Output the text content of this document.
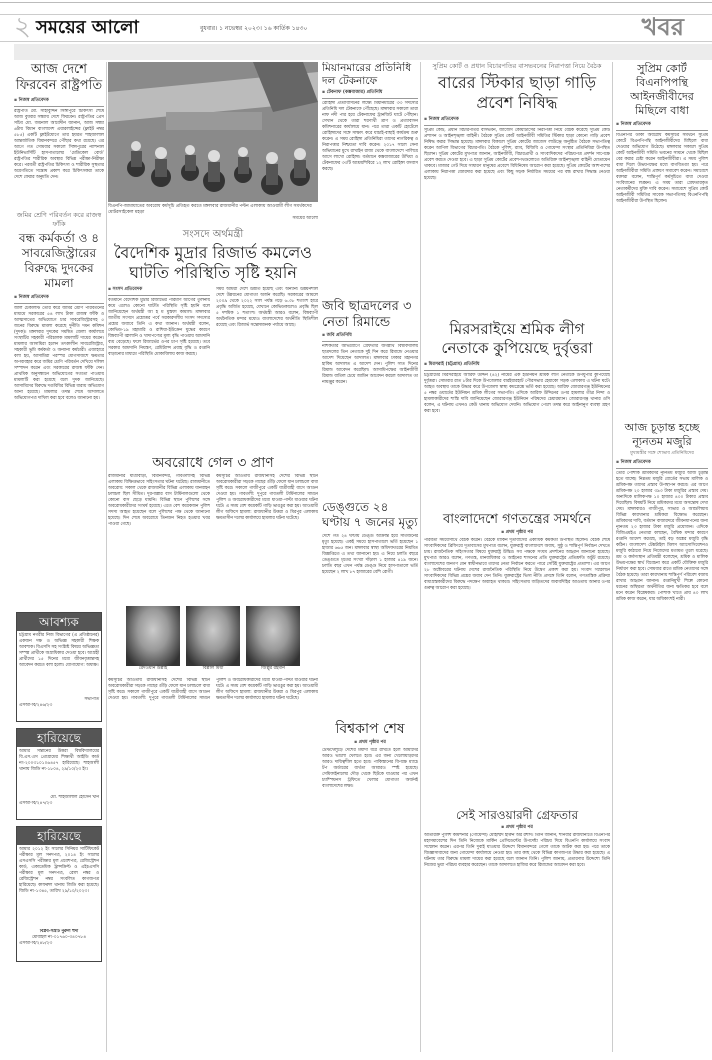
২ সময়ের আলো	বুধবার। ১ নভেম্বর ২০২৩। ১৬ কার্তিক ১৪৩০	খবর
আজ দেশে ফিরবেন রাষ্ট্রপতি
▪ নিজস্ব প্রতিবেদক
রাষ্ট্রপতি মো. সাহাবুদ্দিন সিঙ্গাপুরে চিকিৎসা শেষে আজ বুধবার সন্ধ্যায় দেশে ফিরবেন। রাষ্ট্রপতির প্রেস সচিব মো. জয়নাল আবেদীন জানান, আজ সন্ধ্যা ৬টায় বিমান বাংলাদেশ এয়ারলাইন্সের (ফ্লাইট নম্বর ৫৮৫) একটি ফ্লাইটযোগে তার হযরত শাহজালাল আন্তর্জাতিক বিমানবন্দরে পৌঁছার কথা রয়েছে। এর আগে গত সোমবার সকালে সিঙ্গাপুরের ন্যাশনাল ইউনিভার্সিটি হাসপাতালের ‘মেডিকেল বোর্ড’ রাষ্ট্রপতির শারীরিক অবস্থার বিভিন্ন পরীক্ষা-নিরীক্ষা করে। পরবর্তী রাষ্ট্রপতির চিকিৎসা ও শারীরিক সুস্থতার অগ্রগতিতে সন্তোষ প্রকাশ করে চিকিৎসকরা তাকে দেশে ফেরার অনুমতি দেন।
জমির শ্রেণি পরিবর্তন করে রাজস্ব ফাঁকি
বন্ধ কর্মকর্তা ও ৪ সাবরেজিস্ট্রারের বিরুদ্ধে দুদকের মামলা
▪ নিজস্ব প্রতিবেদক
জাল চেকলিস্ট তৈরি করে জমির শ্রেণি পরিবর্তনের মাধ্যমে সরকারের ৫৪ লাখ টাকা রাজস্ব ফাঁকি ও আত্মসাতের অভিযোগে চার সাবরেজিস্ট্রারসহ ৫ জনের বিরুদ্ধে মামলা করেছে দুর্নীতি দমন কমিশন (দুদক)। মঙ্গলবার দুদকের সমন্বিত জেলা কার্যালয়ে সংস্থাটির সহকারী পরিচালক মামলাটি দায়ের করেন। মামলার আসামিরা হলেন তৎকালীন সাবরেজিস্ট্রার, সহকারী ভূমি কর্মকর্তা ও অন্যান্য কর্মচারী। এজাহারে বলা হয়, আসামিরা পরস্পর যোগসাজশে ক্ষমতার অপব্যবহার করে জমির শ্রেণি পরিবর্তন দেখিয়ে দলিল সম্পাদন করেন এবং সরকারের রাজস্ব ফাঁকি দেন। প্রাথমিক অনুসন্ধানে অভিযোগের সত্যতা পাওয়ায় মামলাটি করা হয়েছে বলে দুদক জানিয়েছে। আসামিদের বিরুদ্ধে দণ্ডবিধির বিভিন্ন ধারায় অভিযোগ আনা হয়েছে। মামলার তদন্ত শেষে আদালতে অভিযোগপত্র দাখিল করা হবে বলেও জানানো হয়।
আবশ্যক
চট্টগ্রাম নগরীর নিজ বিভাগের (এ প্রতিষ্ঠানের) একজন দক্ষ ও অভিজ্ঞ সহকারী শিক্ষক আবশ্যক। বিএসসি সহ সংশ্লিষ্ট বিষয়ে অভিজ্ঞতা সম্পন্ন প্রার্থীকে অগ্রাধিকার দেওয়া হবে। আগ্রহী প্রার্থীদের ১৫ দিনের মধ্যে জীবনবৃত্তান্তসহ আবেদন করতে বলা হলো। যোগাযোগ: অধ্যক্ষ।
সভাপতি
এসআ-বি/২৪৬/২৩
হারিয়েছে
আমার সন্তানের উত্তরা বিশ্ববিদ্যালয়ের বি.এস.এস প্রোগ্রামের শিক্ষার্থী আইডি কার্ড নং-২০০৩১০১০৬৪৫৭ হারিয়েছে। শাহআলী থানায় জিডি নং-১৮০৪, ২৯/১০/২৩ ইং।
মো. শাহজালাল হোসেন খান
এসআ-বি/২৪৭/২৩
হারিয়েছে
আমার ২০১২ ইং সালের সিনিয়র সার্টিফিকেট পরীক্ষার মূল সনদপত্র, ২০১৪ ইং সালের এসএসসি পরীক্ষার মূল প্রবেশপত্র, রেজিস্ট্রেশন কার্ড, একাডেমিক ট্রান্সক্রিপ্ট ও এইচএসসি পরীক্ষার মূল সনদপত্র, রোল নম্বর ও রেজিস্ট্রেশন নম্বর সংবলিত কাগজপত্র হারিয়েছে। কাফরুল থানায় জিডি করা হয়েছে। জিডি নং-১৩৪৫, তারিখ ২৯/১০/২০২৩।
বিপ্লব-সম্রাট নুরুল হুদা
মোবাইল নং-০১৭৬০-৩৪০৭৮৪
এসআ-বি/২৪৮/২৩
বিএনপি-জামায়াতের অবরোধ কর্মসূচি প্রতিহত করতে মঙ্গলবার রাজধানীর পল্টন এলাকায় আওয়ামী লীগ সমর্থকদের মোটরসাইকেল মহড়া
সময়ের আলো
সংসদে অর্থমন্ত্রী
বৈদেশিক মুদ্রার রিজার্ভ কমলেও ঘাটতি পরিস্থিতি সৃষ্টি হয়নি
▪ সংসদ প্রতিবেদক
বর্তমানে বৈদেশিক মুদ্রার রিজার্ভের পরিমাণ আগের তুলনায় কমে এলেও কোনো ঘাটতি পরিস্থিতি সৃষ্টি হয়নি বলে জানিয়েছেন অর্থমন্ত্রী আ হ ম মুস্তফা কামাল। মঙ্গলবার জাতীয় সংসদে প্রশ্নোত্তর পর্বে সরকারদলীয় সংসদ সদস্যের প্রশ্নের জবাবে তিনি এ কথা জানান। অর্থমন্ত্রী বলেন, কোভিড-১৯ মহামারি ও রাশিয়া-ইউক্রেন যুদ্ধের কারণে বিশ্বব্যাপী জ্বালানি ও খাদ্যপণ্যের মূল্য বৃদ্ধি পাওয়ায় আমদানি ব্যয় বেড়েছে। ফলে রিজার্ভের ওপর চাপ সৃষ্টি হয়েছে। তবে সরকার আমদানি নিয়ন্ত্রণ, রেমিট্যান্স প্রবাহ বৃদ্ধি ও রপ্তানি বাড়ানোর মাধ্যমে পরিস্থিতি মোকাবিলায় কাজ করছে।
সময় আমরা দেশে উন্নীত হয়েছি এবং অন্যান্য উন্নয়নশীল দেশে উন্নয়নের যোগ্যতা অর্জন করেছি। সরকারের আমলে ২০০৯ থেকে ২০২২ সাল পর্যন্ত গড়ে ৬.৩৮ শতাংশ হারে প্রবৃদ্ধি অর্জিত হয়েছে, যেখানে কোভিডকালেও প্রবৃদ্ধি ছিল ৫ দশমিক ১ শতাংশ। অর্থমন্ত্রী আরও বলেন, বিশ্বব্যাপী অর্থনৈতিক মন্দার মধ্যেও বাংলাদেশের অর্থনীতি স্থিতিশীল রয়েছে এবং রিজার্ভ সন্তোষজনক পর্যায়ে আছে।
অবরোধে গেল ৩ প্রাণ
রাজধানীর যাত্রাবাড়ী, বিমানবন্দর, গাবতলীসহ বিভিন্ন এলাকায় বিক্ষিপ্তভাবে সহিংসতার ঘটনা ঘটেছে। রাজধানীতে অবরোধ: সকাল থেকে রাজধানীর বিভিন্ন এলাকায় যানবাহন চলাচল ছিল সীমিত। দূরপাল্লার বাস টার্মিনালগুলো থেকে কোনো বাস ছেড়ে যায়নি। বিভিন্ন স্থানে পুলিশের সঙ্গে অবরোধকারীদের সংঘর্ষ হয়েছে। এতে বেশ কয়েকজন পুলিশ সদস্য আহত হয়েছেন বলে পুলিশের পক্ষ থেকে জানানো হয়েছে। দিন শেষে অবরোধে তিনজন নিহত হওয়ার খবর পাওয়া গেছে।
কর্মসূচির আওতায় রাজধানীসহ দেশের বিভিন্ন স্থানে অবরোধকারীরা সড়কে গাছের গুঁড়ি ফেলে যান চলাচলে বাধা সৃষ্টি করে। সকালে গাজীপুরে একটি যাত্রীবাহী বাসে আগুন দেওয়া হয়। গাবতলী: দুপুরে গাবতলী টার্মিনালের সামনে পুলিশ ও অবরোধকারীদের মধ্যে ধাওয়া-পাল্টা ধাওয়ার ঘটনা ঘটে। এ সময় বেশ কয়েকটি গাড়ি ভাঙচুর করা হয়। আওয়ামী লীগ অফিসে হামলা: রাজধানীর উত্তরা ও মিরপুর এলাকায় ক্ষমতাসীন দলের কার্যালয়ে হামলার ঘটনা ঘটেছে।
রেদওয়ান উল্লাহ	বিল্লাল মিয়া	জিল্লুর রহমান
কর্মসূচির আওতায় রাজধানীসহ দেশের বিভিন্ন স্থানে অবরোধকারীরা সড়কে গাছের গুঁড়ি ফেলে যান চলাচলে বাধা সৃষ্টি করে। সকালে গাজীপুরে একটি যাত্রীবাহী বাসে আগুন দেওয়া হয়। গাবতলী: দুপুরে গাবতলী টার্মিনালের সামনে পুলিশ ও অবরোধকারীদের মধ্যে ধাওয়া-পাল্টা ধাওয়ার ঘটনা ঘটে। এ সময় বেশ কয়েকটি গাড়ি ভাঙচুর করা হয়। আওয়ামী লীগ অফিসে হামলা: রাজধানীর উত্তরা ও মিরপুর এলাকায় ক্ষমতাসীন দলের কার্যালয়ে হামলার ঘটনা ঘটেছে।
মিয়ানমারের প্রতিনিধি দল টেকনাফে
▪ টেকনাফ (কক্সবাজার) প্রতিনিধি
রোহিঙ্গা প্রত্যাবাসনের লক্ষ্যে মিয়ানমারের ৩৩ সদস্যের প্রতিনিধি দল টেকনাফে পৌঁছেছে। মঙ্গলবার সকালে তারা নাফ নদী পার হয়ে টেকনাফের ট্রানজিট ঘাটে পৌঁছান। সেখান থেকে তারা শরণার্থী ত্রাণ ও প্রত্যাবাসন কমিশনারের কার্যালয়ে যান। পরে তারা একটি হোটেলে রোহিঙ্গাদের সঙ্গে সাক্ষাৎ করে যাচাই-বাছাই কার্যক্রম শুরু করেন। এ সময় রোহিঙ্গা প্রতিনিধিরা তাদের নাগরিকত্ব ও নিরাপত্তার নিশ্চয়তা দাবি করেন। ২০১৭ সালে সেনা অভিযানের মুখে রাখাইন রাজ্য থেকে বাংলাদেশে পালিয়ে আসে লাখো রোহিঙ্গা। বর্তমানে কক্সবাজারের উখিয়া ও টেকনাফের ৩৩টি আশ্রয়শিবিরে ১২ লাখ রোহিঙ্গা বসবাস করছে।
জবি ছাত্রদলের ৩ নেতা রিমান্ডে
▪ জবি প্রতিনিধি
নাশকতার অভিযোগে গ্রেফতার জগন্নাথ বিশ্ববিদ্যালয় ছাত্রদলের তিন নেতাকে দুই দিন করে রিমান্ডে নেওয়ার আদেশ দিয়েছেন আদালত। মঙ্গলবার ঢাকার মহানগর হাকিম আদালত এ আদেশ দেন। পুলিশ সাত দিনের রিমান্ড আবেদন করেছিল। আসামিপক্ষের আইনজীবী রিমান্ড বাতিল চেয়ে জামিন আবেদন করলে আদালত তা নামঞ্জুর করেন।
ডেঙ্গুতে ২৪ ঘণ্টায় ৭ জনের মৃত্যু
দেশে গত ২৪ ঘণ্টায় ডেঙ্গু আক্রান্ত হয়ে সাতজনের মৃত্যু হয়েছে। একই সময়ে হাসপাতালে ভর্তি হয়েছেন ১ হাজার ৬৬৫ জন। মঙ্গলবার স্বাস্থ্য অধিদফতরের নিয়মিত বিজ্ঞপ্তিতে এ তথ্য জানানো হয়। এ নিয়ে চলতি বছরে ডেঙ্গুতে মৃতের সংখ্যা দাঁড়াল ১ হাজার ৪১৯ জনে। চলতি বছর এখন পর্যন্ত ডেঙ্গু নিয়ে হাসপাতালে ভর্তি হয়েছেন ২ লাখ ৮৭ হাজারের বেশি রোগী।
বিশ্বকাপ শেষ
▪ প্রথম পৃষ্ঠার পর
টেস্টখেলুড়ে দেশের মর্যাদা ধরে রাখতে হলে আমাদের আরও ভালো খেলতে হবে। এর জন্য খেলোয়াড়দের আরও দায়িত্বশীল হতে হবে। পাকিস্তানের বিপক্ষে ম্যাচে টপ অর্ডারের ব্যর্থতা আবারও স্পষ্ট হয়েছে। সেমিফাইনালের দৌড় থেকে ছিটকে যাওয়ার পর এখন চ্যাম্পিয়নস ট্রফিতে খেলার যোগ্যতা অর্জনই বাংলাদেশের লক্ষ্য।
সুপ্রিম কোর্ট ও প্রধান বিচারপতির বাসভবনের নিরাপত্তা নিয়ে বৈঠক
বারের স্টিকার ছাড়া গাড়ি প্রবেশ নিষিদ্ধ
▪ নিজস্ব প্রতিবেদক
সুপ্রিম কোর্ট, প্রধান বিচারপতির বাসভবন, জাজেস কোয়ার্টার্সের নিরাপত্তা নিয়ে বৈঠক করেছে সুপ্রিম কোর্ট প্রশাসন ও আইনশৃঙ্খলা বাহিনী। বৈঠকে সুপ্রিম কোর্ট আইনজীবী সমিতির স্টিকার ছাড়া কোনো গাড়ি প্রবেশ নিষিদ্ধ করার সিদ্ধান্ত হয়েছে। মঙ্গলবার বিকালে সুপ্রিম কোর্টের জাজেস লাউঞ্জে অনুষ্ঠিত বৈঠকে সভাপতিত্ব করেন আপিল বিভাগের বিচারপতি। বৈঠকে পুলিশ, র‍্যাব, বিজিবি ও গোয়েন্দা সংস্থার প্রতিনিধিরা উপস্থিত ছিলেন। সুপ্রিম কোর্টের মুখপাত্র জানান, আইনজীবী, বিচারপ্রার্থী ও সাংবাদিকদের পরিচয়পত্র প্রদর্শন সাপেক্ষে প্রবেশ করতে দেওয়া হবে। এ ছাড়া সুপ্রিম কোর্টের প্রবেশপথগুলোতে অতিরিক্ত আইনশৃঙ্খলা বাহিনী মোতায়েন থাকবে। মাজার গেট দিয়ে সাধারণ মানুষের প্রবেশে বিধিনিষেধ আরোপ করা হয়েছে। সুপ্রিম কোর্টের আশপাশের এলাকায় নিরাপত্তা জোরদার করা হয়েছে এবং কিছু সড়ক নির্ধারিত সময়ের পর বন্ধ রাখার সিদ্ধান্ত নেওয়া হয়েছে।
মিরসরাইয়ে শ্রমিক লীগ নেতাকে কুপিয়েছে দুর্বৃত্তরা
▪ মিরসরাই (চট্টগ্রাম) প্রতিনিধি
চট্টগ্রামের মিরসরাইয়ে আরিফ উদ্দিন (৪২) নামের এক ইউনিয়ন শ্রমিক লীগ নেতাকে উপর্যুপরি কুপিয়েছে দুর্বৃত্তরা। সোমবার রাত ৮টার দিকে উপজেলার বারইয়ারহাট পৌরসভার হেয়াকো সড়ক এলাকায় এ ঘটনা ঘটে। আহত অবস্থায় তাকে উদ্ধার করে উপজেলা স্বাস্থ্য কমপ্লেক্সে ভর্তি করা হয়েছে। আরিফ জোরারগঞ্জ ইউনিয়নের ৫ নম্বর ওয়ার্ডের ইউনিয়ন শ্রমিক লীগের সভাপতি। এদিকে আরিফ উদ্দিনের ওপর হামলার তীব্র নিন্দা ও হামলাকারীদের শাস্তি দাবি জানিয়েছেন জোরারগঞ্জ ইউনিয়ন পরিষদের চেয়ারম্যান। জোরারগঞ্জ থানার ওসি বলেন, এ ঘটনায় এখনও কেউ থানায় অভিযোগ দেয়নি। অভিযোগ পেলে তদন্ত করে আইনানুগ ব্যবস্থা গ্রহণ করা হবে।
বাংলাদেশে গণতন্ত্রের সমর্থনে
▪ প্রথম পৃষ্ঠার পর
পরিবর্তী সময়েসাথে বৈঠক করেন। বৈঠকে মার্কিন দূতাবাসের একাধিক কর্মকর্তা উপস্থিত ছিলেন। বৈঠক শেষে সাংবাদিকদের ব্রিফিংয়ে দূতাবাসের মুখপাত্র বলেন, যুক্তরাষ্ট্র বাংলাদেশে অবাধ, সুষ্ঠু ও শান্তিপূর্ণ নির্বাচন দেখতে চায়। রাজনৈতিক সহিংসতার বিষয়ে যুক্তরাষ্ট্র উদ্বিগ্ন। সব পক্ষকে সংযম প্রদর্শনের আহ্বান জানানো হয়েছে। মুখপাত্র আরও বলেন, গণতন্ত্র, মানবাধিকার ও আইনের শাসনের প্রতি যুক্তরাষ্ট্রের প্রতিশ্রুতি অটুট রয়েছে। বাংলাদেশের জনগণ যেন স্বাধীনভাবে তাদের নেতা নির্বাচন করতে পারে সেটিই যুক্তরাষ্ট্রের প্রত্যাশা। এর আগে ২৮ অক্টোবরের ঘটনায় দেশের রাজনৈতিক পরিস্থিতি নিয়ে উদ্বেগ প্রকাশ করা হয়। সংবাদ সম্মেলনে সাংবাদিকদের বিভিন্ন প্রশ্নের জবাব দেন তিনি। যুক্তরাষ্ট্রের ভিসা নীতি প্রসঙ্গে তিনি বলেন, গণতান্ত্রিক প্রক্রিয়া বাধাগ্রস্তকারীদের বিরুদ্ধে পদক্ষেপ অব্যাহত থাকবে। সহিংসতায় জড়িতদের জবাবদিহির আওতায় আনার ওপর গুরুত্ব আরোপ করা হয়েছে।
সেই সারওয়ারদী গ্রেফতার
▪ প্রথম পৃষ্ঠার পর
অতিরিক্ত পুলিশ কমিশনার (গোয়েন্দা) মোহাম্মদ হারুন অর রশীদ। তিনি জানান, শনিবার রাজধানীতে বিএনপির মহাসমাবেশের দিন তিনি নিজেকে মার্কিন প্রেসিডেন্টের উপদেষ্টা পরিচয় দিয়ে বিএনপি কার্যালয়ে সংবাদ সম্মেলন করেন। এরপর তিনি দুবাই যাওয়ার উদ্দেশে বিমানবন্দরে গেলে তাকে আটক করা হয়। পরে তাকে জিজ্ঞাসাবাদের জন্য গোয়েন্দা কার্যালয়ে নেওয়া হয়। তার কাছ থেকে বিভিন্ন কাগজপত্র উদ্ধার করা হয়েছে। এ ঘটনায় তার বিরুদ্ধে মামলা দায়ের করা হয়েছে বলে জানান তিনি। পুলিশ জানায়, প্রতারণার উদ্দেশ্যে তিনি নিজের ভুয়া পরিচয় ব্যবহার করেছেন। তাকে আদালতে হাজির করে রিমান্ডের আবেদন করা হবে।
সুপ্রিম কোর্ট বিএনপিপন্থি আইনজীবীদের মিছিলে বাধা
▪ নিজস্ব প্রতিবেদক
বিএনপির ডাকা অবরোধ কর্মসূচির সমর্থনে সুপ্রিম কোর্টে বিএনপিপন্থি আইনজীবীদের মিছিলে বাধা দেওয়ার অভিযোগ উঠেছে। মঙ্গলবার সকালে সুপ্রিম কোর্ট আইনজীবী সমিতি ভবনের সামনে থেকে মিছিল বের করার চেষ্টা করেন আইনজীবীরা। এ সময় পুলিশ বাধা দিলে উভয়পক্ষের মধ্যে বাগবিতণ্ডা হয়। পরে আইনজীবীরা সমিতি প্রাঙ্গণে সমাবেশ করেন। সমাবেশে বক্তারা বলেন, শান্তিপূর্ণ কর্মসূচিতে বাধা দেওয়া সংবিধানের লঙ্ঘন। এ সময় তারা গ্রেফতারকৃত নেতাকর্মীদের মুক্তি দাবি করেন। সমাবেশে সুপ্রিম কোর্ট আইনজীবী সমিতির সাবেক সভাপতিসহ বিএনপিপন্থি আইনজীবীরা উপস্থিত ছিলেন।
আজ চূড়ান্ত হচ্ছে ন্যূনতম মজুরি
মুখ্যমন্ত্রীর সঙ্গে শোভাব প্রতিনিধিদের
▪ নিজস্ব প্রতিবেদক
তৈরি পোশাক শ্রমিকদের ন্যূনতম মজুরি আজ চূড়ান্ত হতে যাচ্ছে। নিম্নতম মজুরি বোর্ডের সভায় মালিক ও শ্রমিকপক্ষ তাদের প্রস্তাব উপস্থাপন করবে। এর আগে শ্রমিকপক্ষ ২০ হাজার ৩৯৩ টাকা মজুরির প্রস্তাব দেয়। অন্যদিকে মালিকপক্ষ ১০ হাজার ৪০০ টাকার প্রস্তাব দিয়েছিল। বিষয়টি নিয়ে শ্রমিকদের মধ্যে অসন্তোষ দেখা দেয়। মঙ্গলবারও গাজীপুর, সাভার ও আশুলিয়ায় বিভিন্ন কারখানার শ্রমিকরা বিক্ষোভ করেছেন। শ্রমিকদের দাবি, বর্তমান বাজারদরে জীবনযাপনের জন্য ন্যূনতম ২৩ হাজার টাকা মজুরি প্রয়োজন। এদিকে বিজিএমইএ নেতারা বলছেন, বৈশ্বিক মন্দার কারণে রপ্তানি আদেশ কমেছে, তাই বড় অঙ্কের মজুরি বৃদ্ধি কঠিন। বাংলাদেশ টেক্সটাইল মিলস অ্যাসোসিয়েশনও মজুরি কাঠামো নিয়ে নিজেদের মতামত তুলে ধরেছে। শ্রম ও কর্মসংস্থান প্রতিমন্ত্রী বলেছেন, শ্রমিক ও মালিক উভয়পক্ষের স্বার্থ বিবেচনা করে একটি যৌক্তিক মজুরি নির্ধারণ করা হবে। সোমবার রাতে শ্রমিক নেতাদের সঙ্গে বৈঠক হয়েছে। তারা কারখানায় শান্তিপূর্ণ পরিবেশ বজায় রাখার আহ্বান জানান। রপ্তানিমুখী শিল্পে কোনো ধরনের অস্থিরতা অর্থনীতির জন্য ক্ষতিকর হবে বলে মনে করেন বিশ্লেষকরা। পোশাক খাতে প্রায় ৪০ লাখ শ্রমিক কাজ করেন, যার অধিকাংশই নারী।
